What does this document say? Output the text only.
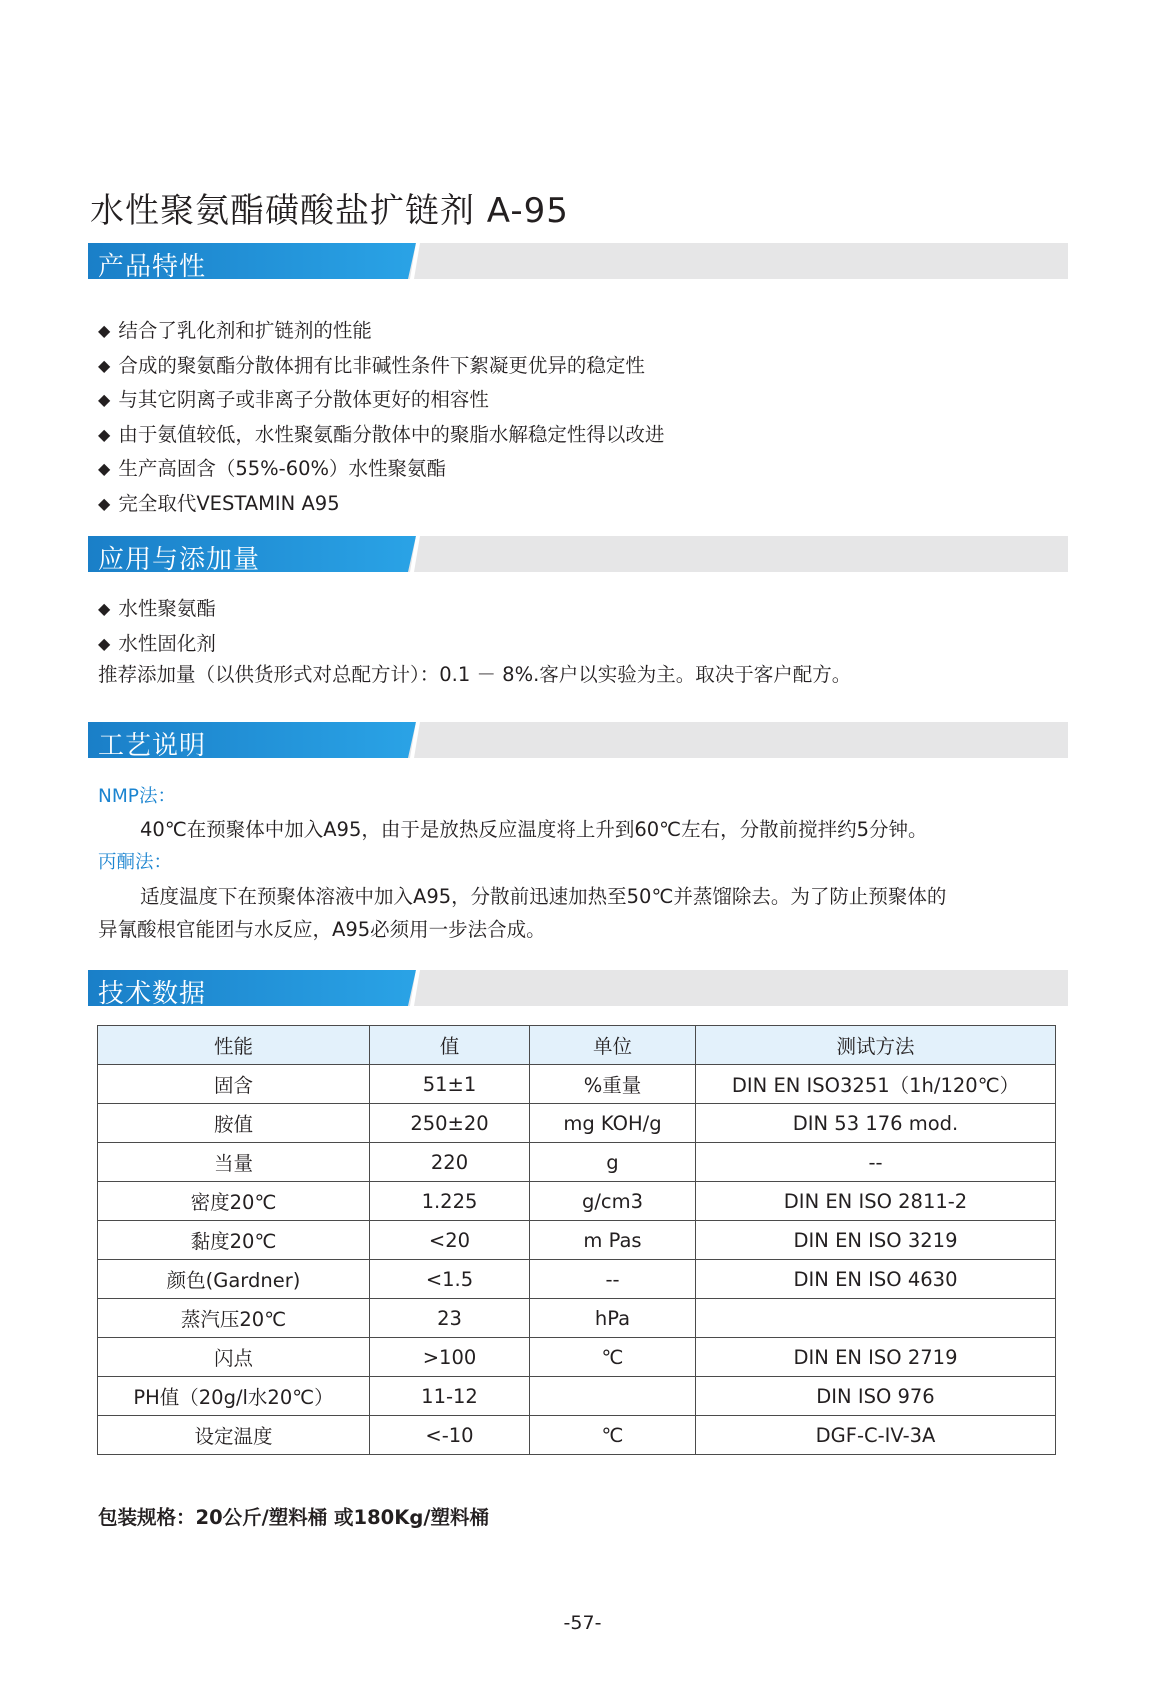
水性聚氨酯磺酸盐扩链剂 A-95
产品特性
◆ 结合了乳化剂和扩链剂的性能
◆ 合成的聚氨酯分散体拥有比非碱性条件下絮凝更优异的稳定性
◆ 与其它阴离子或非离子分散体更好的相容性
◆ 由于氨值较低，水性聚氨酯分散体中的聚脂水解稳定性得以改进
◆ 生产高固含（55%-60%）水性聚氨酯
◆ 完全取代VESTAMIN A95
应用与添加量
◆ 水性聚氨酯
◆ 水性固化剂
推荐添加量（以供货形式对总配方计）：0.1 － 8%.客户以实验为主。取决于客户配方。
工艺说明
NMP法：
40℃在预聚体中加入A95，由于是放热反应温度将上升到60℃左右，分散前搅拌约5分钟。
丙酮法：
适度温度下在预聚体溶液中加入A95，分散前迅速加热至50℃并蒸馏除去。为了防止预聚体的
异氰酸根官能团与水反应，A95必须用一步法合成。
技术数据
性能	值	单位	测试方法
固含	51±1	%重量	DIN EN ISO3251（1h/120℃）
胺值	250±20	mg KOH/g	DIN 53 176 mod.
当量	220	g	--
密度20℃	1.225	g/cm3	DIN EN ISO 2811-2
黏度20℃	<20	m Pas	DIN EN ISO 3219
颜色(Gardner)	<1.5	--	DIN EN ISO 4630
蒸汽压20℃	23	hPa	
闪点	>100	℃	DIN EN ISO 2719
PH值（20g/l水20℃）	11-12		DIN ISO 976
设定温度	<-10	℃	DGF-C-IV-3A
包装规格：20公斤/塑料桶 或180Kg/塑料桶
-57-
